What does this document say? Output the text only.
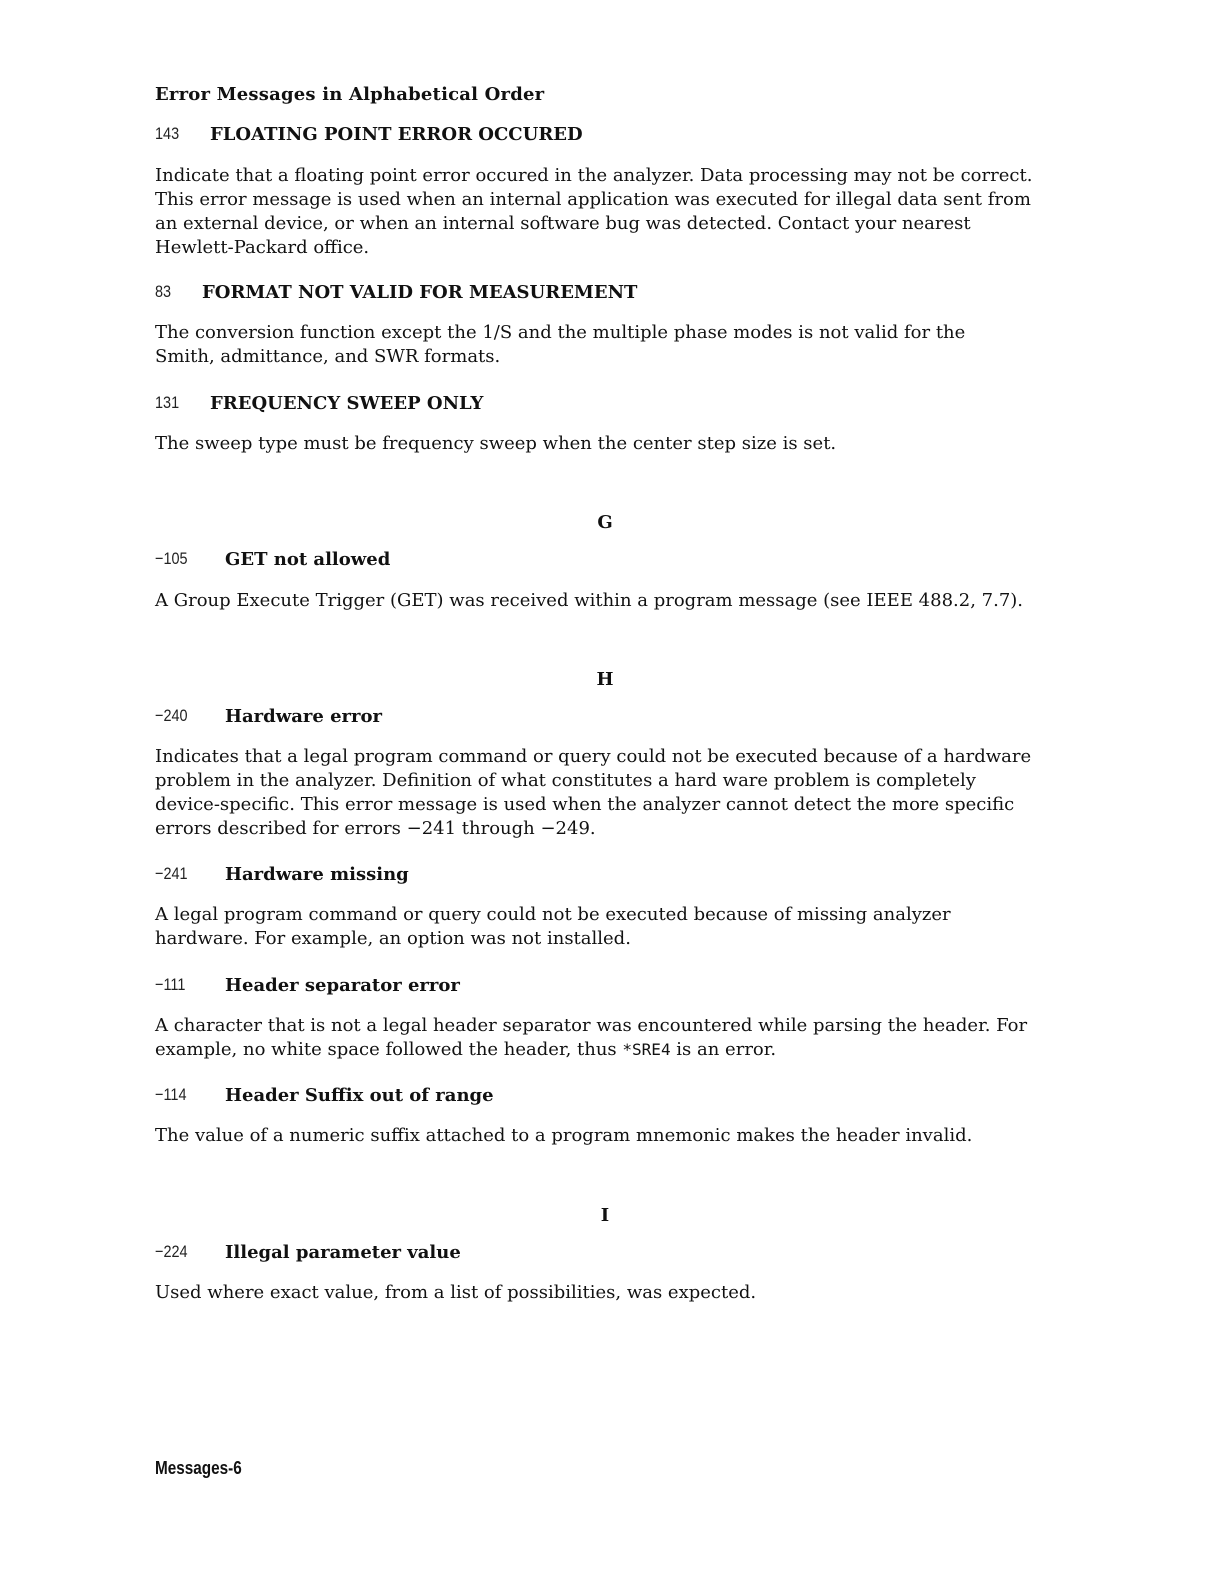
Error Messages in Alphabetical Order
143 FLOATING POINT ERROR OCCURED
Indicate that a floating point error occured in the analyzer. Data processing may not be correct.
This error message is used when an internal application was executed for illegal data sent from
an external device, or when an internal software bug was detected. Contact your nearest
Hewlett-Packard office.
83 FORMAT NOT VALID FOR MEASUREMENT
The conversion function except the 1/S and the multiple phase modes is not valid for the
Smith, admittance, and SWR formats.
131 FREQUENCY SWEEP ONLY
The sweep type must be frequency sweep when the center step size is set.
G
−105 GET not allowed
A Group Execute Trigger (GET) was received within a program message (see IEEE 488.2, 7.7).
H
−240 Hardware error
Indicates that a legal program command or query could not be executed because of a hardware
problem in the analyzer. Definition of what constitutes a hard ware problem is completely
device-specific. This error message is used when the analyzer cannot detect the more specific
errors described for errors −241 through −249.
−241 Hardware missing
A legal program command or query could not be executed because of missing analyzer
hardware. For example, an option was not installed.
−111 Header separator error
A character that is not a legal header separator was encountered while parsing the header. For
example, no white space followed the header, thus *SRE4 is an error.
−114 Header Suffix out of range
The value of a numeric suffix attached to a program mnemonic makes the header invalid.
I
−224 Illegal parameter value
Used where exact value, from a list of possibilities, was expected.
Messages-6
